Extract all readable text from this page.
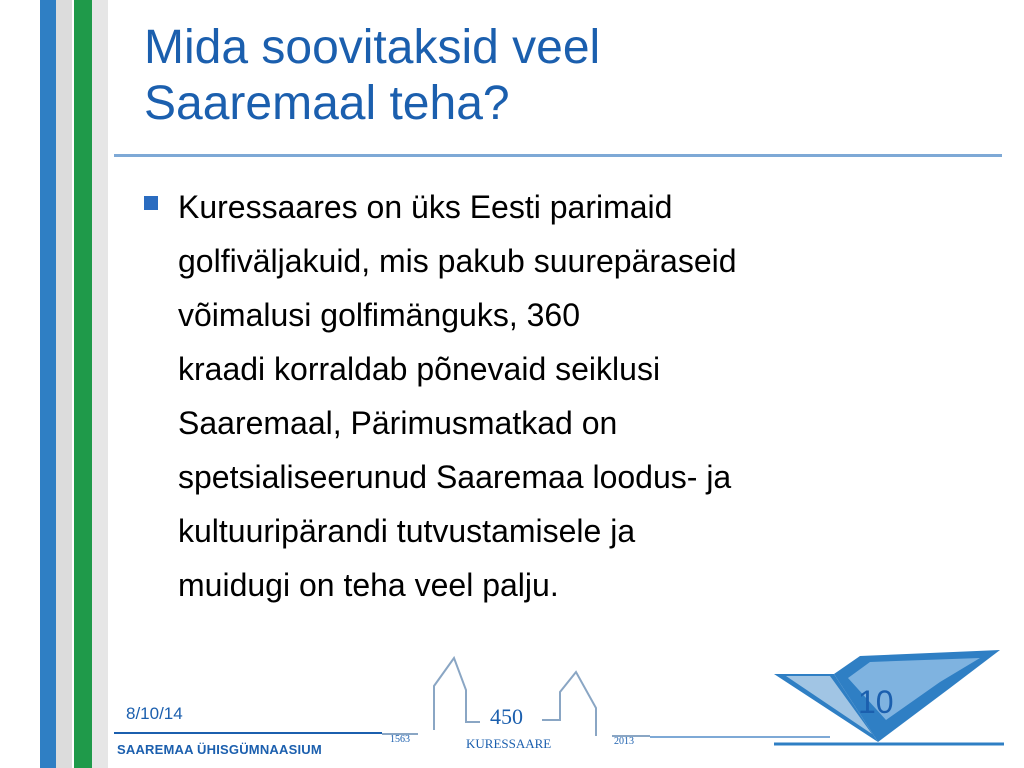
Mida soovitaksid veel
Saaremaal teha?

Kuressaares on üks Eesti parimaid
golfiväljakuid, mis pakub suurepäraseid
võimalusi golfimänguks, 360
kraadi korraldab põnevaid seiklusi
Saaremaal, Pärimusmatkad on
spetsialiseerunud Saaremaa loodus- ja
kultuuripärandi tutvustamisele ja
muidugi on teha veel palju.

8/10/14
SAAREMAA ÜHISGÜMNAASIUM
1563
450
2013
KURESSAARE
10
